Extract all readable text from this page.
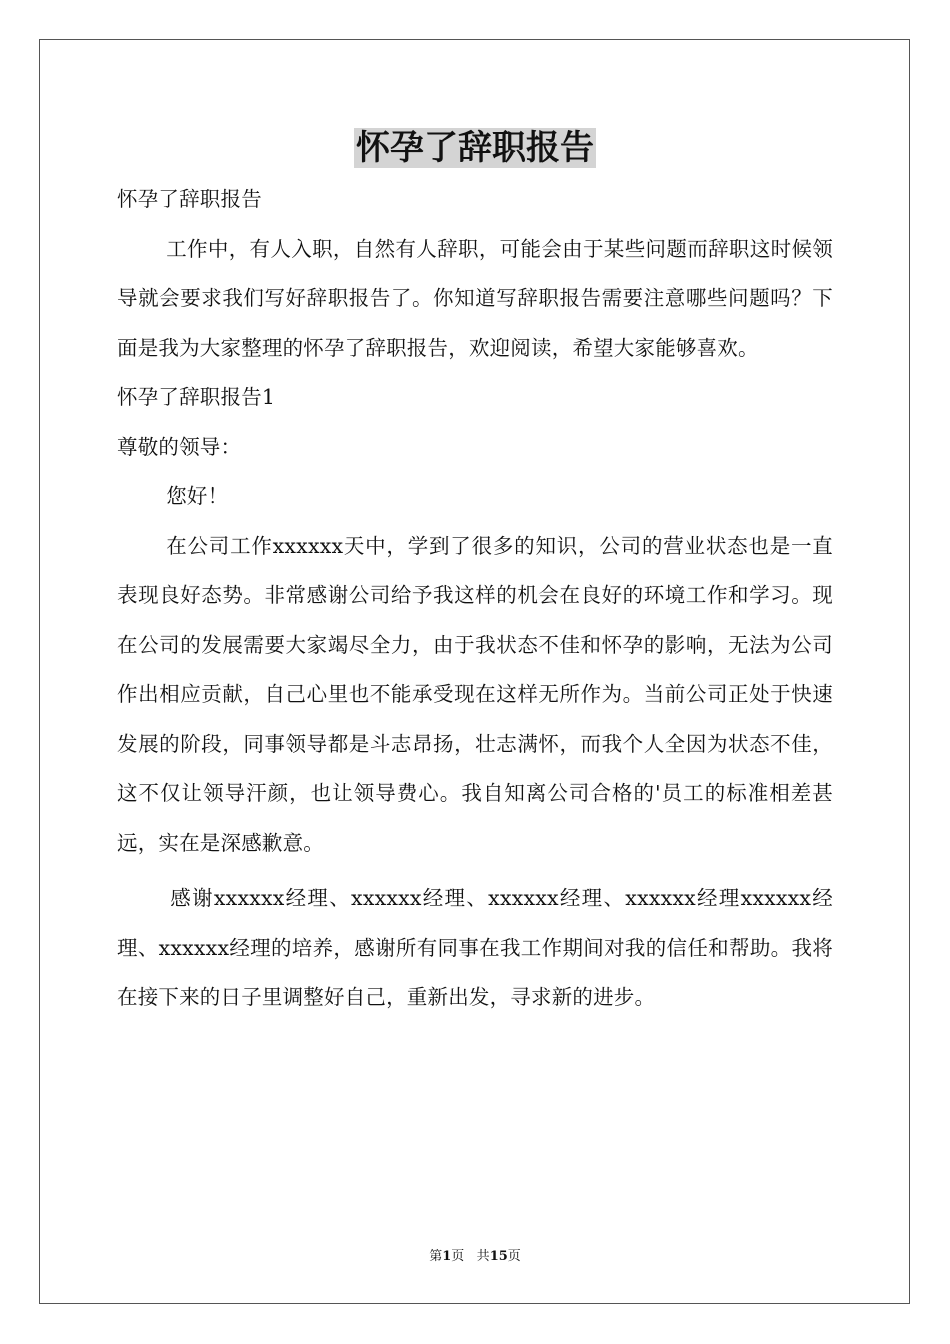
怀孕了辞职报告

怀孕了辞职报告

工作中，有人入职，自然有人辞职，可能会由于某些问题而辞职这时候领导就会要求我们写好辞职报告了。你知道写辞职报告需要注意哪些问题吗？下面是我为大家整理的怀孕了辞职报告，欢迎阅读，希望大家能够喜欢。

怀孕了辞职报告1

尊敬的领导：

您好！

在公司工作xxxxxx天中，学到了很多的知识，公司的营业状态也是一直表现良好态势。非常感谢公司给予我这样的机会在良好的环境工作和学习。现在公司的发展需要大家竭尽全力，由于我状态不佳和怀孕的影响，无法为公司作出相应贡献，自己心里也不能承受现在这样无所作为。当前公司正处于快速发展的阶段，同事领导都是斗志昂扬，壮志满怀，而我个人全因为状态不佳，这不仅让领导汗颜，也让领导费心。我自知离公司合格的'员工的标准相差甚远，实在是深感歉意。

感谢xxxxxx经理、xxxxxx经理、xxxxxx经理、xxxxxx经理xxxxxx经理、xxxxxx经理的培养，感谢所有同事在我工作期间对我的信任和帮助。我将在接下来的日子里调整好自己，重新出发，寻求新的进步。

第1页 共15页
